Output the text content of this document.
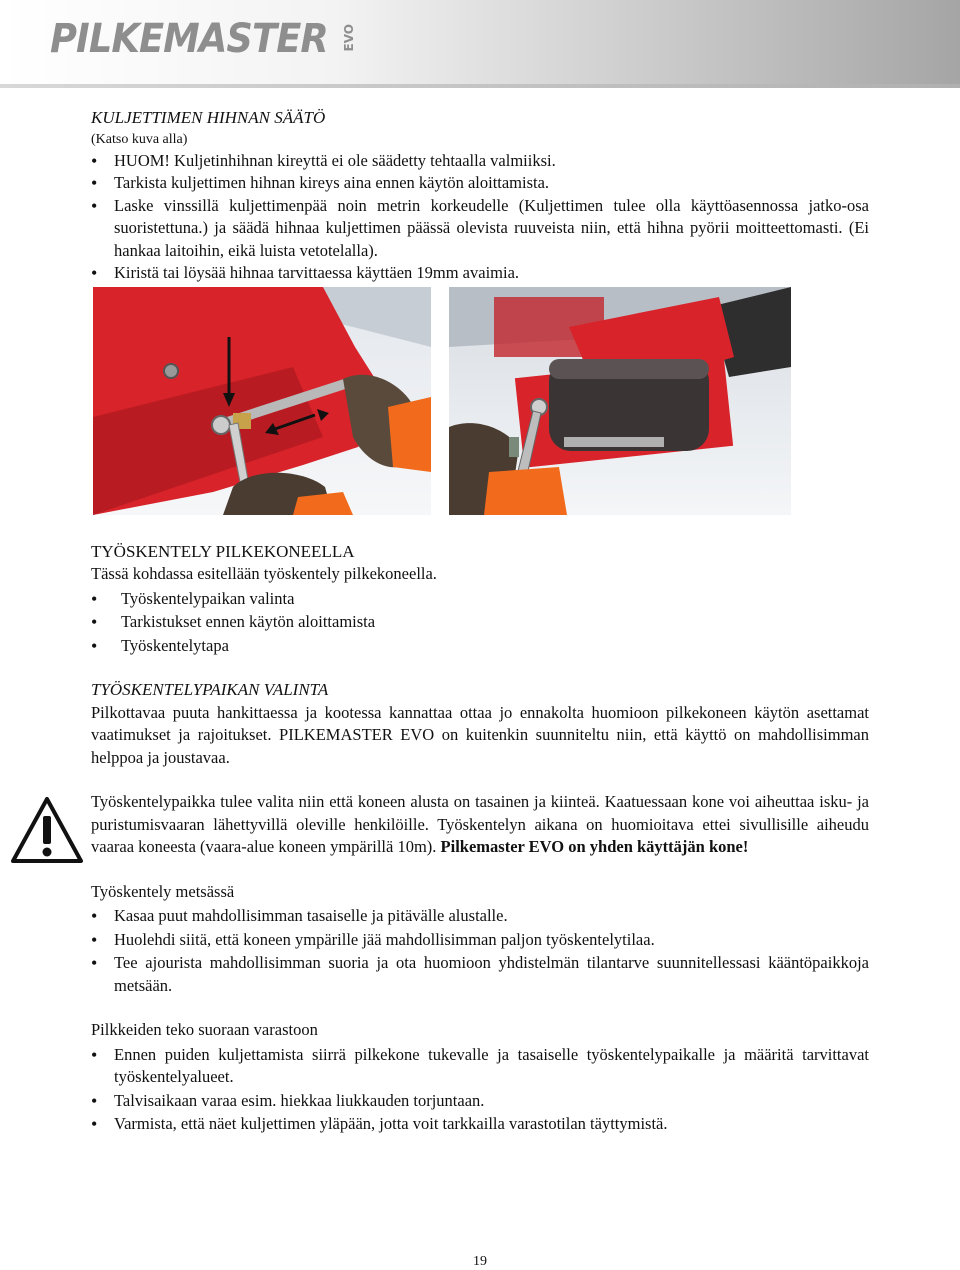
PILKEMASTER EVO

KULJETTIMEN HIHNAN SÄÄTÖ

(Katso kuva alla)

• HUOM! Kuljetinhihnan kireyttä ei ole säädetty tehtaalla valmiiksi.
• Tarkista kuljettimen hihnan kireys aina ennen käytön aloittamista.
• Laske vinssillä kuljettimenpää noin metrin korkeudelle (Kuljettimen tulee olla käyttöasennossa jatko-osa suoristettuna.) ja säädä hihnaa kuljettimen päässä olevista ruuveista niin, että hihna pyörii moitteettomasti. (Ei hankaa laitoihin, eikä luista vetotelalla).
• Kiristä tai löysää hihnaa tarvittaessa käyttäen 19mm avaimia.

TYÖSKENTELY PILKEKONEELLA

Tässä kohdassa esitellään työskentely pilkekoneella.

• Työskentelypaikan valinta
• Tarkistukset ennen käytön aloittamista
• Työskentelytapa

TYÖSKENTELYPAIKAN VALINTA

Pilkottavaa puuta hankittaessa ja kootessa kannattaa ottaa jo ennakolta huomioon pilkekoneen käytön asettamat vaatimukset ja rajoitukset. PILKEMASTER EVO on kuitenkin suunniteltu niin, että käyttö on mahdollisimman helppoa ja joustavaa.

Työskentelypaikka tulee valita niin että koneen alusta on tasainen ja kiinteä. Kaatuessaan kone voi aiheuttaa isku- ja puristumisvaaran lähettyvillä oleville henkilöille. Työskentelyn aikana on huomioitava ettei sivullisille aiheudu vaaraa koneesta (vaara-alue koneen ympärillä 10m). Pilkemaster EVO on yhden käyttäjän kone!

Työskentely metsässä

• Kasaa puut mahdollisimman tasaiselle ja pitävälle alustalle.
• Huolehdi siitä, että koneen ympärille jää mahdollisimman paljon työskentelytilaa.
• Tee ajourista mahdollisimman suoria ja ota huomioon yhdistelmän tilantarve suunnitellessasi kääntöpaikkoja metsään.

Pilkkeiden teko suoraan varastoon

• Ennen puiden kuljettamista siirrä pilkekone tukevalle ja tasaiselle työskentelypaikalle ja määritä tarvittavat työskentelyalueet.
• Talvisaikaan varaa esim. hiekkaa liukkauden torjuntaan.
• Varmista, että näet kuljettimen yläpään, jotta voit tarkkailla varastotilan täyttymistä.
19
